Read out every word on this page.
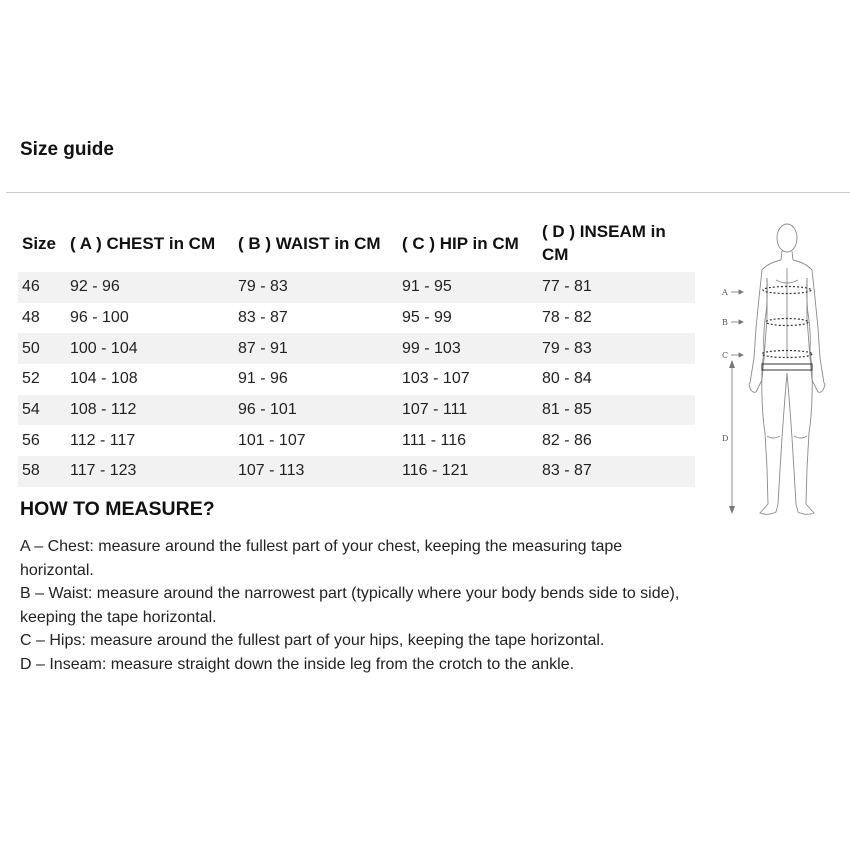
Size guide
Size	( A ) CHEST in CM	( B ) WAIST in CM	( C ) HIP in CM	( D ) INSEAM in CM
46	92 - 96	79 - 83	91 - 95	77 - 81
48	96 - 100	83 - 87	95 - 99	78 - 82
50	100 - 104	87 - 91	99 - 103	79 - 83
52	104 - 108	91 - 96	103 - 107	80 - 84
54	108 - 112	96 - 101	107 - 111	81 - 85
56	112 - 117	101 - 107	111 - 116	82 - 86
58	117 - 123	107 - 113	116 - 121	83 - 87
HOW TO MEASURE?
A – Chest: measure around the fullest part of your chest, keeping the measuring tape horizontal.
B – Waist: measure around the narrowest part (typically where your body bends side to side), keeping the tape horizontal.
C – Hips: measure around the fullest part of your hips, keeping the tape horizontal.
D – Inseam: measure straight down the inside leg from the crotch to the ankle.
A
B
C
D
